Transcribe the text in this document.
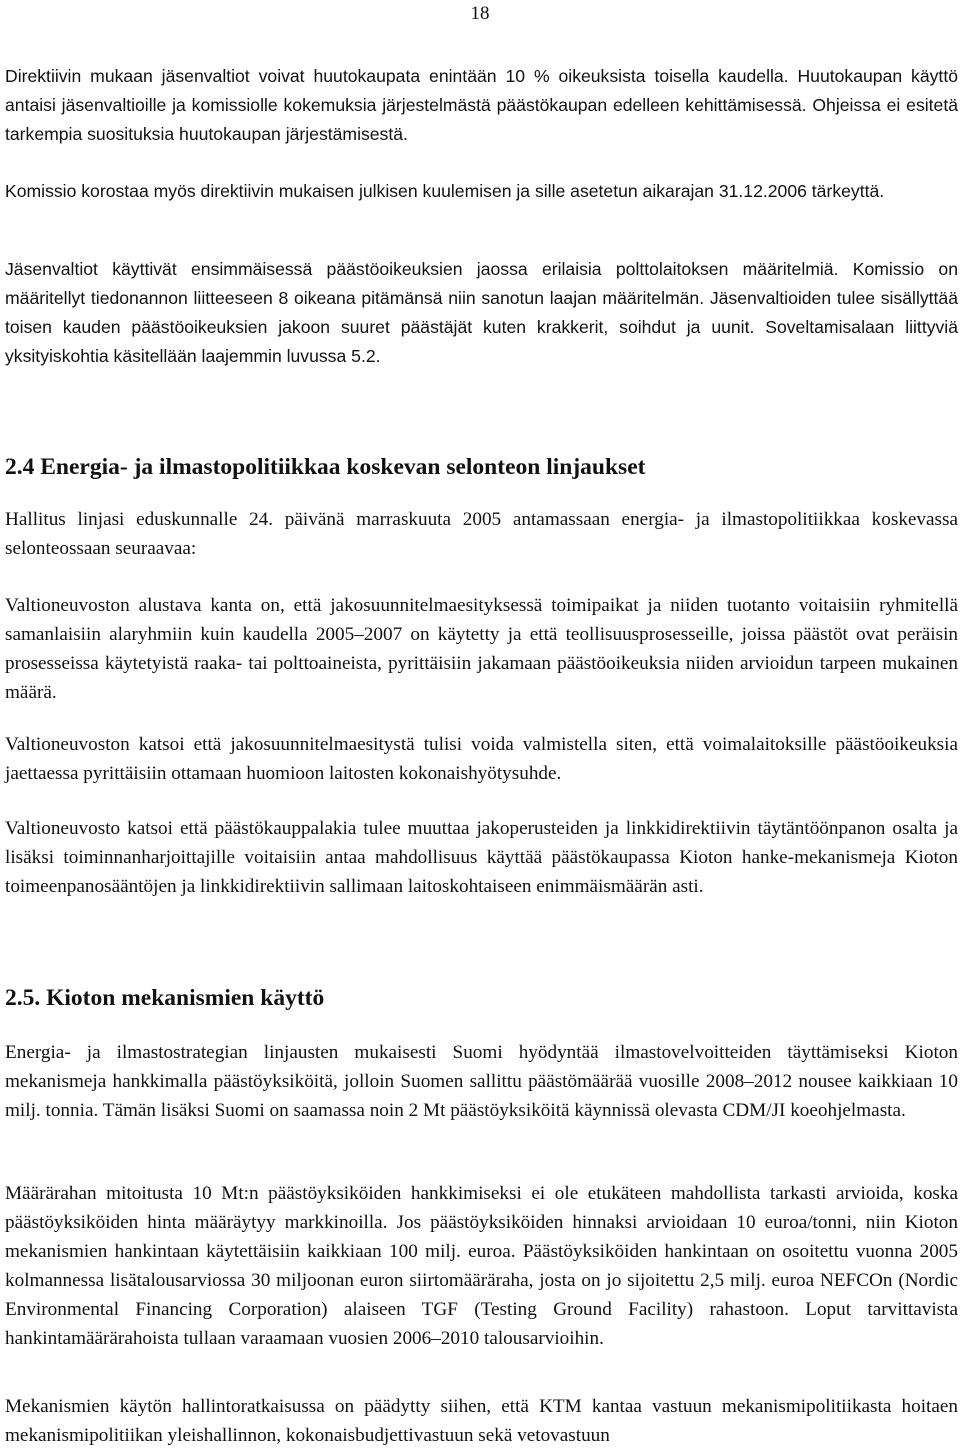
18

Direktiivin mukaan jäsenvaltiot voivat huutokaupata enintään 10 % oikeuksista toisella kaudella. Huutokaupan käyttö antaisi jäsenvaltioille ja komissiolle kokemuksia järjestelmästä päästökaupan edelleen kehittämisessä. Ohjeissa ei esitetä tarkempia suosituksia huutokaupan järjestämisestä.

Komissio korostaa myös direktiivin mukaisen julkisen kuulemisen ja sille asetetun aikarajan 31.12.2006 tärkeyttä.

Jäsenvaltiot käyttivät ensimmäisessä päästöoikeuksien jaossa erilaisia polttolaitoksen määritelmiä. Komissio on määritellyt tiedonannon liitteeseen 8 oikeana pitämänsä niin sanotun laajan määritelmän. Jäsenvaltioiden tulee sisällyttää toisen kauden päästöoikeuksien jakoon suuret päästäjät kuten krakkerit, soihdut ja uunit. Soveltamisalaan liittyviä yksityiskohtia käsitellään laajemmin luvussa 5.2.

2.4 Energia- ja ilmastopolitiikkaa koskevan selonteon linjaukset

Hallitus linjasi eduskunnalle 24. päivänä marraskuuta 2005 antamassaan energia- ja ilmastopolitiikkaa koskevassa selonteossaan seuraavaa:

Valtioneuvoston alustava kanta on, että jakosuunnitelmaesityksessä toimipaikat ja niiden tuotanto voitaisiin ryhmitellä samanlaisiin alaryhmiin kuin kaudella 2005–2007 on käytetty ja että teollisuusprosesseille, joissa päästöt ovat peräisin prosesseissa käytetyistä raaka- tai polttoaineista, pyrittäisiin jakamaan päästöoikeuksia niiden arvioidun tarpeen mukainen määrä.

Valtioneuvoston katsoi että jakosuunnitelmaesitystä tulisi voida valmistella siten, että voimalaitoksille päästöoikeuksia jaettaessa pyrittäisiin ottamaan huomioon laitosten kokonaishyötysuhde.

Valtioneuvosto katsoi että päästökauppalakia tulee muuttaa jakoperusteiden ja linkkidirektiivin täytäntöönpanon osalta ja lisäksi toiminnanharjoittajille voitaisiin antaa mahdollisuus käyttää päästökaupassa Kioton hanke-mekanismeja Kioton toimeenpanosääntöjen ja linkkidirektiivin sallimaan laitoskohtaiseen enimmäismäärän asti.

2.5. Kioton mekanismien käyttö

Energia- ja ilmastostrategian linjausten mukaisesti Suomi hyödyntää ilmastovelvoitteiden täyttämiseksi Kioton mekanismeja hankkimalla päästöyksiköitä, jolloin Suomen sallittu päästömäärää vuosille 2008–2012 nousee kaikkiaan 10 milj. tonnia. Tämän lisäksi Suomi on saamassa noin 2 Mt päästöyksiköitä käynnissä olevasta CDM/JI koeohjelmasta.

Määrärahan mitoitusta 10 Mt:n päästöyksiköiden hankkimiseksi ei ole etukäteen mahdollista tarkasti arvioida, koska päästöyksiköiden hinta määräytyy markkinoilla. Jos päästöyksiköiden hinnaksi arvioidaan 10 euroa/tonni, niin Kioton mekanismien hankintaan käytettäisiin kaikkiaan 100 milj. euroa. Päästöyksiköiden hankintaan on osoitettu vuonna 2005 kolmannessa lisätalousarviossa 30 miljoonan euron siirtomääräraha, josta on jo sijoitettu 2,5 milj. euroa NEFCOn (Nordic Environmental Financing Corporation) alaiseen TGF (Testing Ground Facility) rahastoon. Loput tarvittavista hankintamäärärahoista tullaan varaamaan vuosien 2006–2010 talousarvioihin.

Mekanismien käytön hallintoratkaisussa on päädytty siihen, että KTM kantaa vastuun mekanismipolitiikasta hoitaen mekanismipolitiikan yleishallinnon, kokonaisbudjettivastuun sekä vetovastuun
